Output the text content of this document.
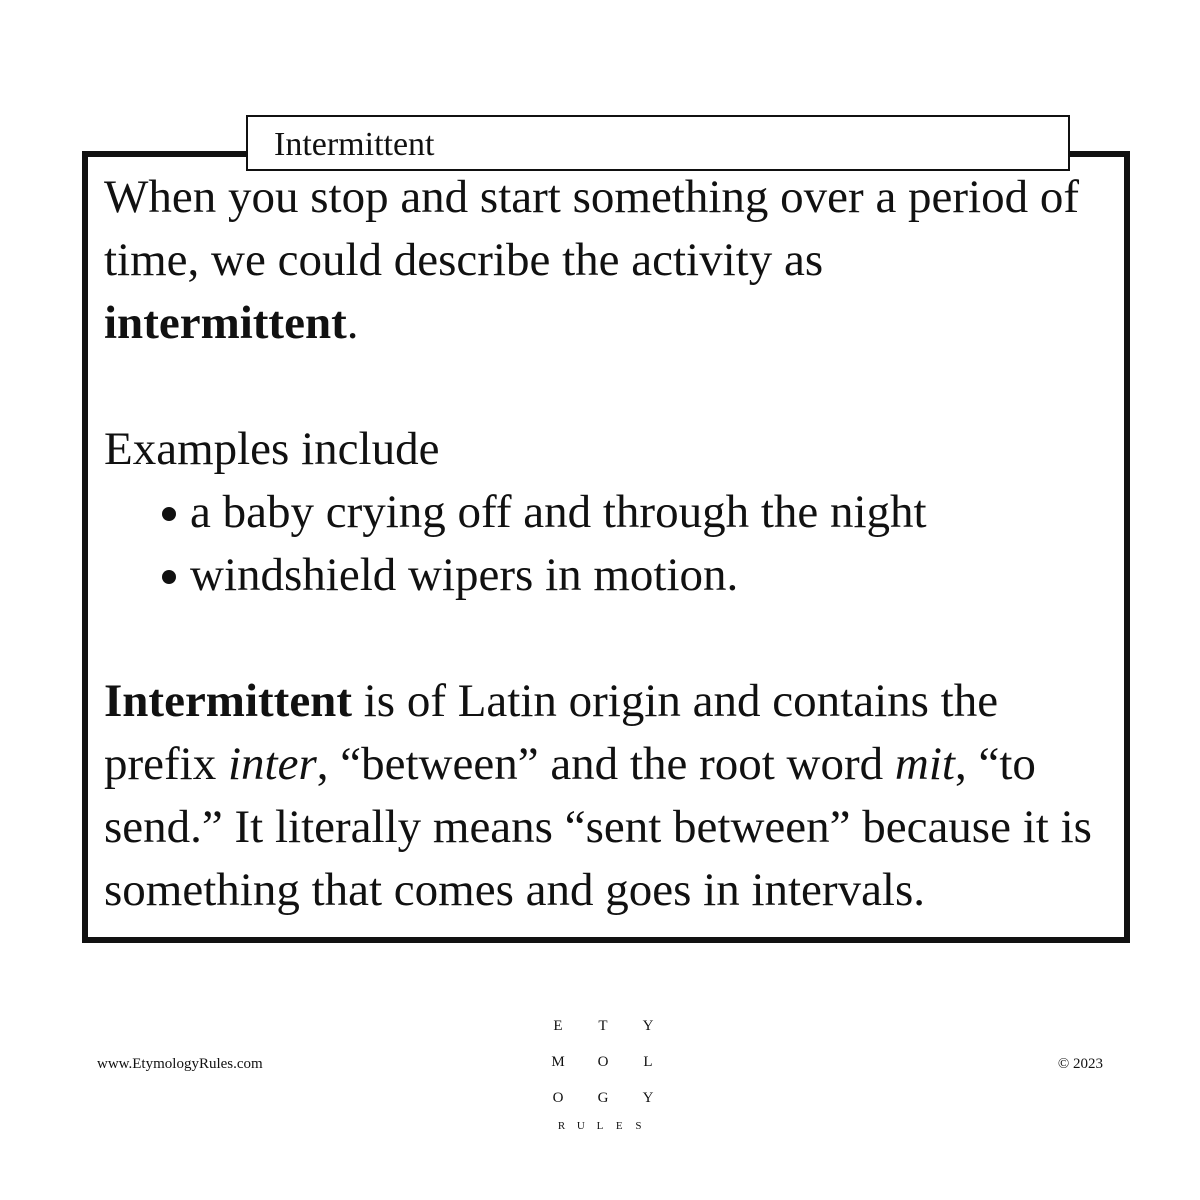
Intermittent

When you stop and start something over a period of time, we could describe the activity as
intermittent.

Examples include

a baby crying off and through the night
windshield wipers in motion.

Intermittent is of Latin origin and contains the prefix inter, “between” and the root word mit, “to send.” It literally means “sent between” because it is something that comes and goes in intervals.

www.EtymologyRules.com
E	T	Y
M	O	L
O	G	Y
R	U	L	E	S
© 2023
